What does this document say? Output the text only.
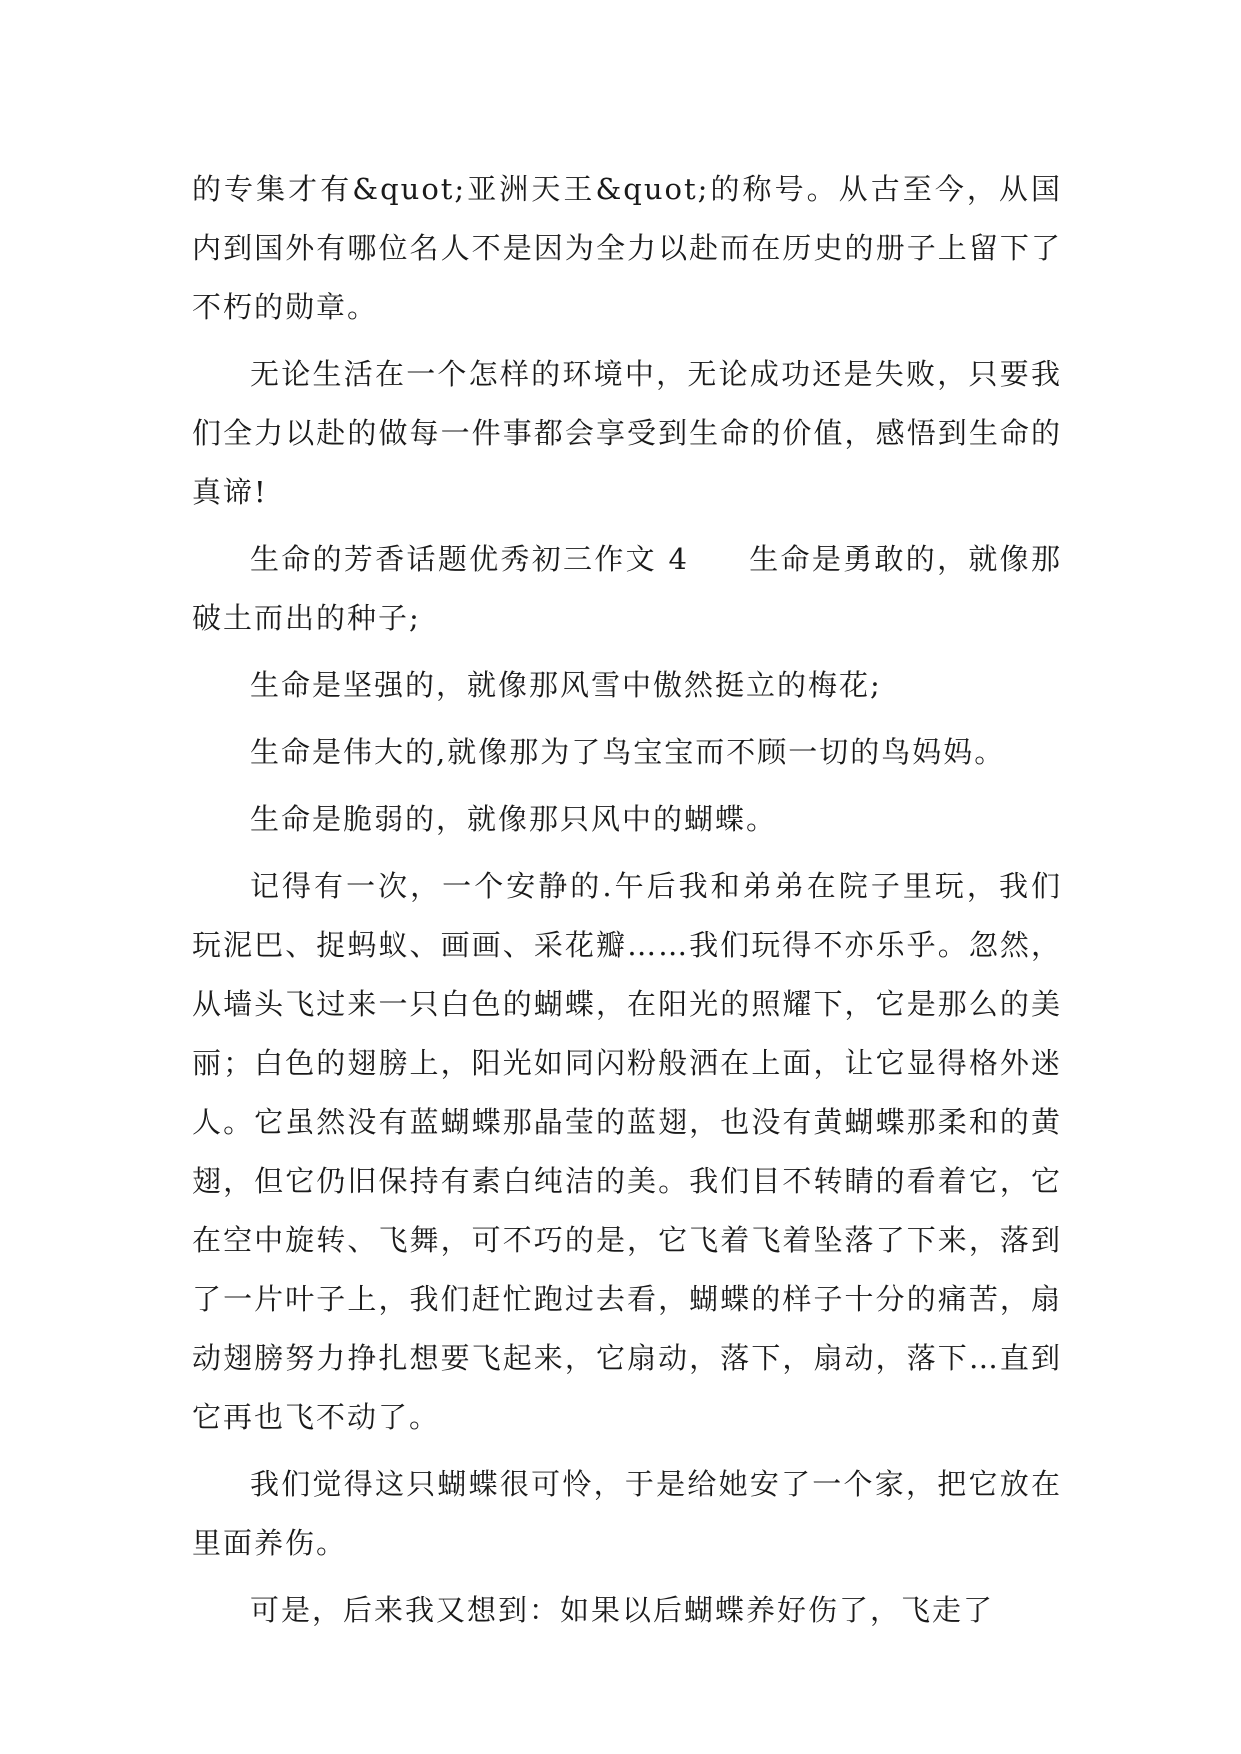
的专集才有&quot;亚洲天王&quot;的称号。从古至今，从国内到国外有哪位名人不是因为全力以赴而在历史的册子上留下了不朽的勋章。

无论生活在一个怎样的环境中，无论成功还是失败，只要我们全力以赴的做每一件事都会享受到生命的价值，感悟到生命的真谛!

生命的芳香话题优秀初三作文 4 生命是勇敢的，就像那破土而出的种子;

生命是坚强的，就像那风雪中傲然挺立的梅花;

生命是伟大的,就像那为了鸟宝宝而不顾一切的鸟妈妈。

生命是脆弱的，就像那只风中的蝴蝶。

记得有一次，一个安静的.午后我和弟弟在院子里玩，我们玩泥巴、捉蚂蚁、画画、采花瓣……我们玩得不亦乐乎。忽然，从墙头飞过来一只白色的蝴蝶，在阳光的照耀下，它是那么的美丽；白色的翅膀上，阳光如同闪粉般洒在上面，让它显得格外迷人。它虽然没有蓝蝴蝶那晶莹的蓝翅，也没有黄蝴蝶那柔和的黄翅，但它仍旧保持有素白纯洁的美。我们目不转睛的看着它，它在空中旋转、飞舞，可不巧的是，它飞着飞着坠落了下来，落到了一片叶子上，我们赶忙跑过去看，蝴蝶的样子十分的痛苦，扇动翅膀努力挣扎想要飞起来，它扇动，落下，扇动，落下…直到它再也飞不动了。

我们觉得这只蝴蝶很可怜，于是给她安了一个家，把它放在里面养伤。

可是，后来我又想到：如果以后蝴蝶养好伤了，飞走了
